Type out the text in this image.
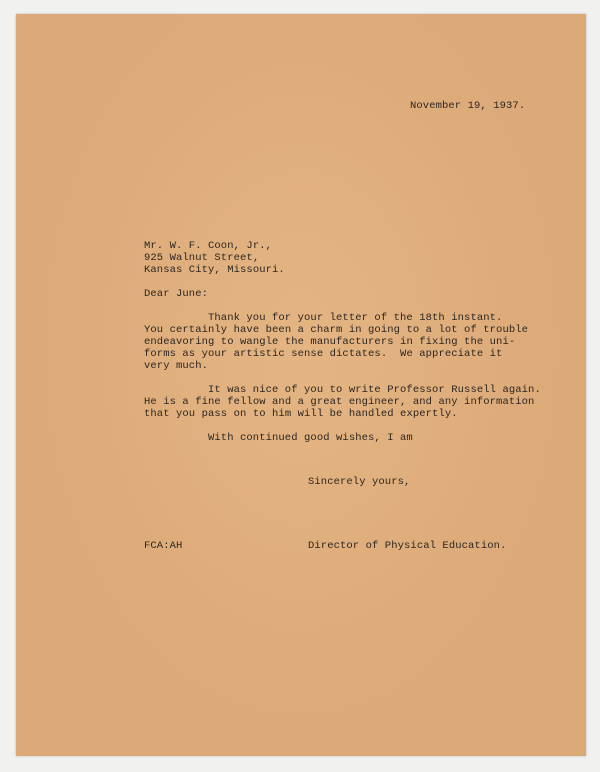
November 19, 1937.
Mr. W. F. Coon, Jr.,
925 Walnut Street,
Kansas City, Missouri.
Dear June:
Thank you for your letter of the 18th instant.
You certainly have been a charm in going to a lot of trouble
endeavoring to wangle the manufacturers in fixing the uni-
forms as your artistic sense dictates.  We appreciate it
very much.
It was nice of you to write Professor Russell again.
He is a fine fellow and a great engineer, and any information
that you pass on to him will be handled expertly.
With continued good wishes, I am
Sincerely yours,
FCA:AH	Director of Physical Education.
